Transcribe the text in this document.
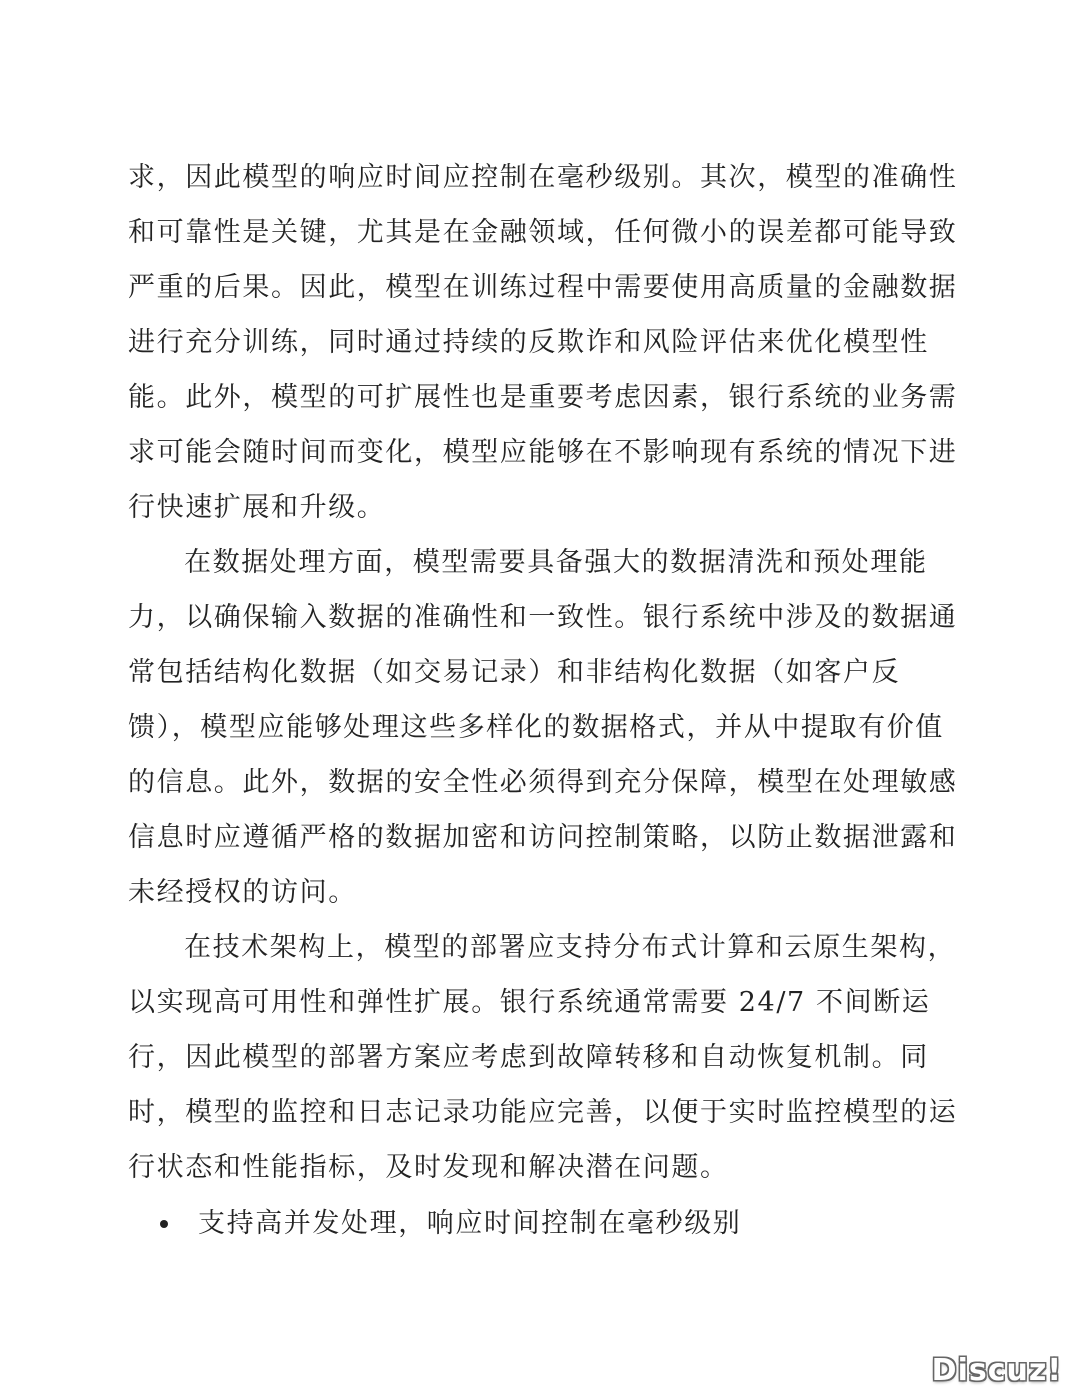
求，因此模型的响应时间应控制在毫秒级别。其次，模型的准确性
和可靠性是关键，尤其是在金融领域，任何微小的误差都可能导致
严重的后果。因此，模型在训练过程中需要使用高质量的金融数据
进行充分训练，同时通过持续的反欺诈和风险评估来优化模型性
能。此外，模型的可扩展性也是重要考虑因素，银行系统的业务需
求可能会随时间而变化，模型应能够在不影响现有系统的情况下进
行快速扩展和升级。
在数据处理方面，模型需要具备强大的数据清洗和预处理能
力，以确保输入数据的准确性和一致性。银行系统中涉及的数据通
常包括结构化数据（如交易记录）和非结构化数据（如客户反
馈），模型应能够处理这些多样化的数据格式，并从中提取有价值
的信息。此外，数据的安全性必须得到充分保障，模型在处理敏感
信息时应遵循严格的数据加密和访问控制策略，以防止数据泄露和
未经授权的访问。
在技术架构上，模型的部署应支持分布式计算和云原生架构，
以实现高可用性和弹性扩展。银行系统通常需要 24/7 不间断运
行，因此模型的部署方案应考虑到故障转移和自动恢复机制。同
时，模型的监控和日志记录功能应完善，以便于实时监控模型的运
行状态和性能指标，及时发现和解决潜在问题。
支持高并发处理，响应时间控制在毫秒级别
Discuz!
